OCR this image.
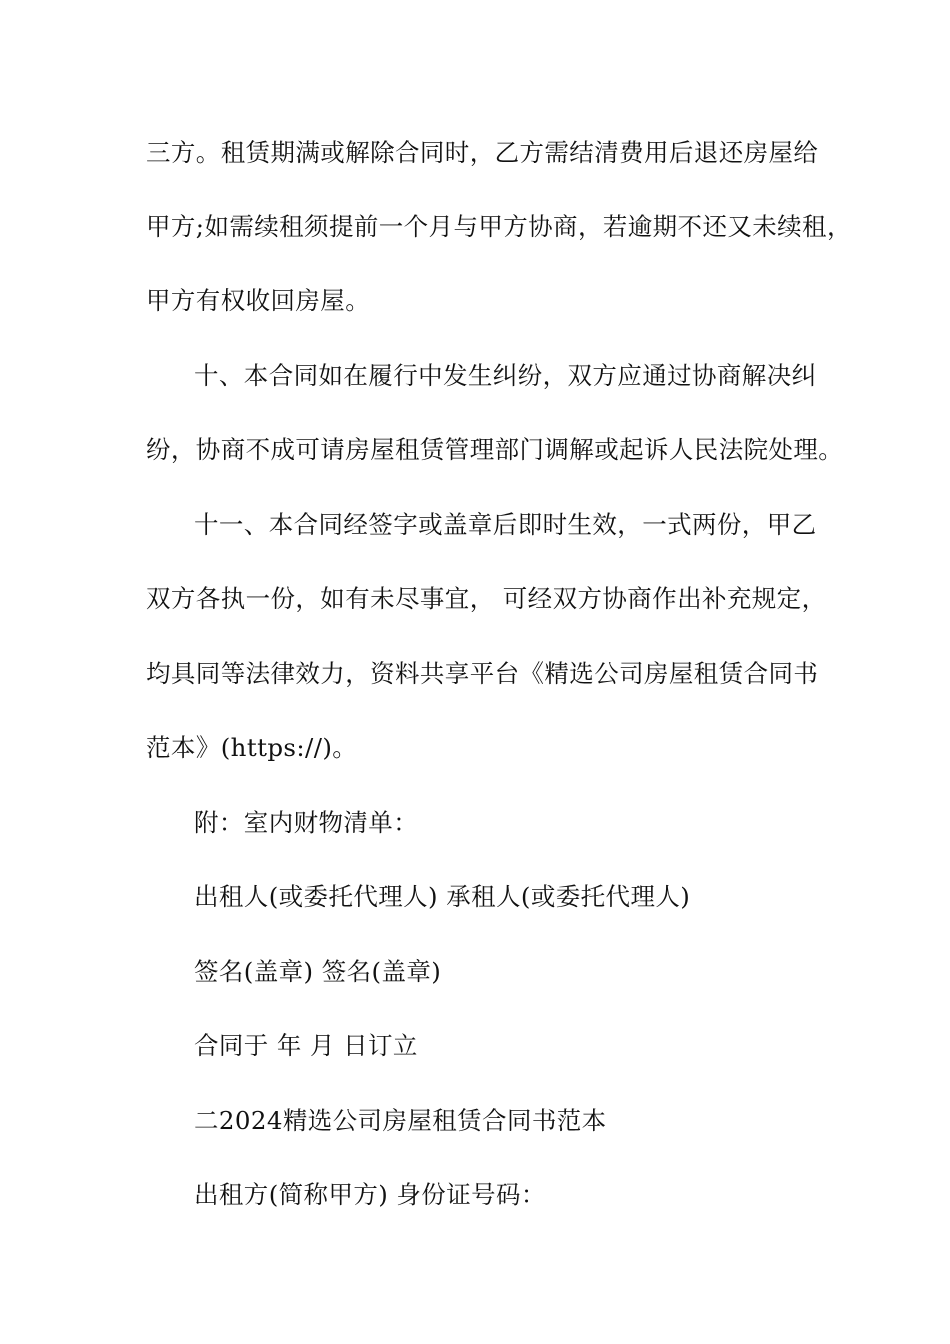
三方。租赁期满或解除合同时，乙方需结清费用后退还房屋给
甲方;如需续租须提前一个月与甲方协商，若逾期不还又未续租，
甲方有权收回房屋。
十、本合同如在履行中发生纠纷，双方应通过协商解决纠
纷，协商不成可请房屋租赁管理部门调解或起诉人民法院处理。
十一、本合同经签字或盖章后即时生效，一式两份，甲乙
双方各执一份，如有未尽事宜， 可经双方协商作出补充规定，
均具同等法律效力，资料共享平台《精选公司房屋租赁合同书
范本》(https://)。
附：室内财物清单：
出租人(或委托代理人) 承租人(或委托代理人)
签名(盖章) 签名(盖章)
合同于 年 月 日订立
二2024精选公司房屋租赁合同书范本
出租方(简称甲方) 身份证号码：
